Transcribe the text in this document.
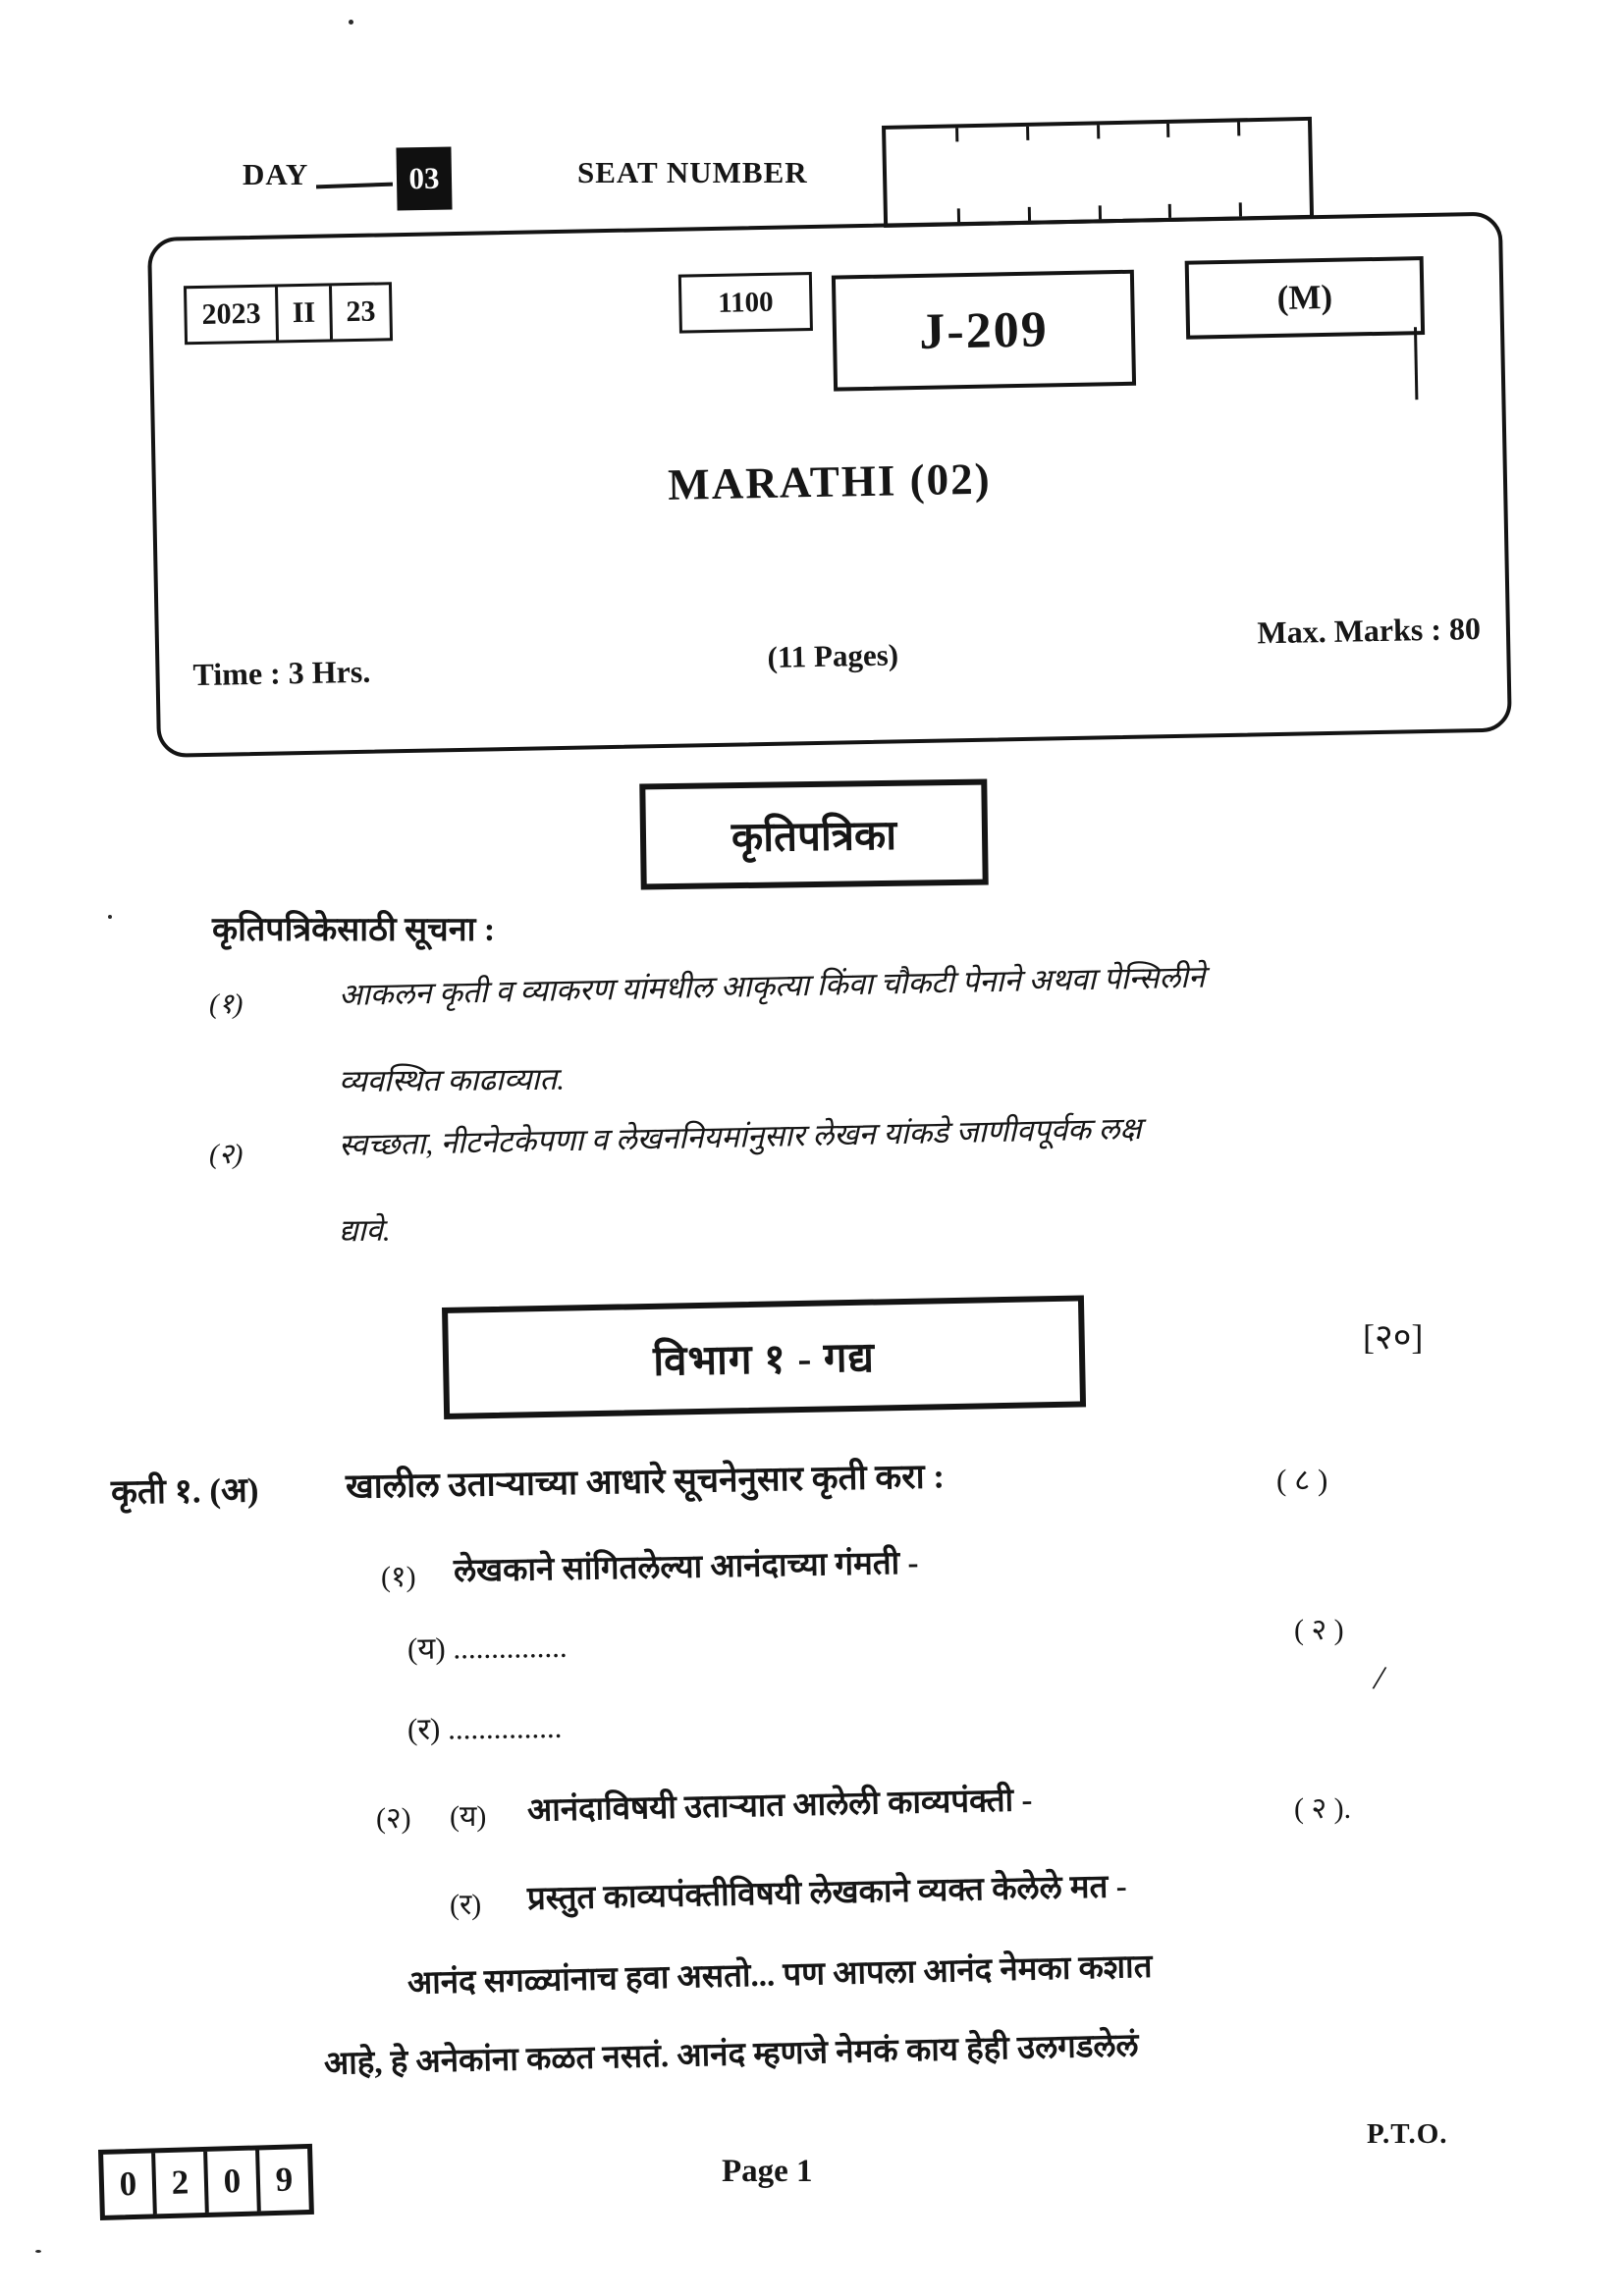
DAY	03	SEAT NUMBER
2023	II	23	1100	J-209
(M)
MARATHI (02)
Time : 3 Hrs.	(11 Pages)
Max. Marks : 80
कृतिपत्रिका
कृतिपत्रिकेसाठी सूचना :
(१)	आकलन कृती व व्याकरण यांमधील आकृत्या किंवा चौकटी पेनाने अथवा पेन्सिलीने
व्यवस्थित काढाव्यात.
(२)	स्वच्छता, नीटनेटकेपणा व लेखननियमांनुसार लेखन यांकडे जाणीवपूर्वक लक्ष
द्यावे.
विभाग १ - गद्य	[२०]
कृती १. (अ)	खालील उताऱ्याच्या आधारे सूचनेनुसार कृती करा :	( ८ )
(१) लेखकाने सांगितलेल्या आनंदाच्या गंमती -
(य) ...............	( २ )
(र) ...............
/
(२) (य) आनंदाविषयी उताऱ्यात आलेली काव्यपंक्ती -	( २ ).
(र) प्रस्तुत काव्यपंक्तीविषयी लेखकाने व्यक्त केलेले मत -
आनंद सगळ्यांनाच हवा असतो... पण आपला आनंद नेमका कशात
आहे, हे अनेकांना कळत नसतं. आनंद म्हणजे नेमकं काय हेही उलगडलेलं
0 2 0 9	Page 1
P.T.O.
